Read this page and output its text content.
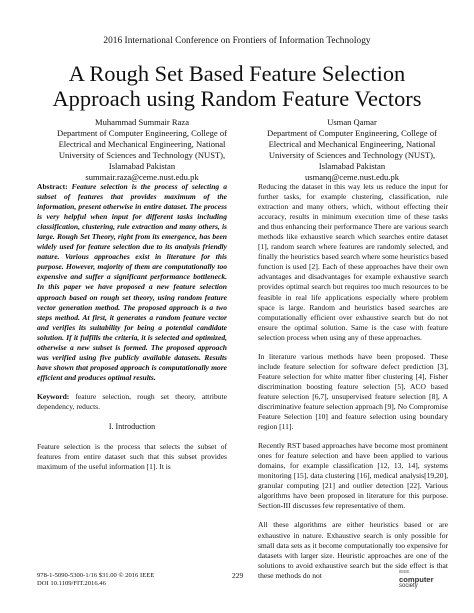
2016 International Conference on Frontiers of Information Technology
A Rough Set Based Feature Selection
Approach using Random Feature Vectors
Muhammad Summair Raza
Department of Computer Engineering, College of
Electrical and Mechanical Engineering, National
University of Sciences and Technology (NUST),
Islamabad Pakistan
summair.raza@ceme.nust.edu.pk
Usman Qamar
Department of Computer Engineering, College of
Electrical and Mechanical Engineering, National
University of Sciences and Technology (NUST),
Islamabad Pakistan
usmanq@ceme.nust.edu.pk

Abstract: Feature selection is the process of selecting a subset of features that provides maximum of the information, present otherwise in entire dataset. The process is very helpful when input for different tasks including classification, clustering, rule extraction and many others, is large. Rough Set Theory, right from its emergence, has been widely used for feature selection due to its analysis friendly nature. Various approaches exist in literature for this purpose. However, majority of them are computationally too expensive and suffer a significant performance bottleneck. In this paper we have proposed a new feature selection approach based on rough set theory, using random feature vector generation method. The proposed approach is a two steps method. At first, it generates a random feature vector and verifies its suitability for being a potential candidate solution. If it fulfills the criteria, it is selected and optimized, otherwise a new subset is formed. The proposed approach was verified using five publicly available datasets. Results have shown that proposed approach is computationally more efficient and produces optimal results.

Keyword: feature selection, rough set theory, attribute dependency, reducts.

I. Introduction

Feature selection is the process that selects the subset of features from entire dataset such that this subset provides maximum of the useful information [1]. It is

Reducing the dataset in this way lets us reduce the input for further tasks, for example clustering, classification, rule extraction and many others, which, without effecting their accuracy, results in minimum execution time of these tasks and thus enhancing their performance There are various search methods like exhaustive search which searches entire dataset [1], random search where features are randomly selected, and finally the heuristics based search where some heuristics based function is used [2]. Each of these approaches have their own advantages and disadvantages for example exhaustive search provides optimal search but requires too much resources to be feasible in real life applications especially where problem space is large. Random and heuristics based searches are computationally efficient over exhaustive search but do not ensure the optimal solution. Same is the case with feature selection process when using any of these approaches.

In literature various methods have been proposed. These include feature selection for software defect prediction [3], Feature selection for white matter fiber clustering [4], Fisher discrimination boosting feature selection [5], ACO based feature selection [6,7], unsupervised feature selection [8], A discriminative feature selection approach [9], No Compromise Feature Selection [10] and feature selection using boundary region [11].

Recently RST based approaches have become most prominent ones for feature selection and have been applied to various domains, for example classification [12, 13, 14], systems monitoring [15], data clustering [16], medical analysis[19,20], granular computing [21] and outlier detection [22]. Various algorithms have been proposed in literature for this purpose. Section-III discusses few representative of them.

All these algorithms are either heuristics based or are exhaustive in nature. Exhaustive search is only possible for small data sets as it become computationally too expensive for datasets with larger size. Heuristic approaches are one of the solutions to avoid exhaustive search but the side effect is that these methods do not

978-1-5090-5300-1/16 $31.00 © 2016 IEEE
DOI 10.1109/FIT.2016.46
229	IEEE
computer
society
